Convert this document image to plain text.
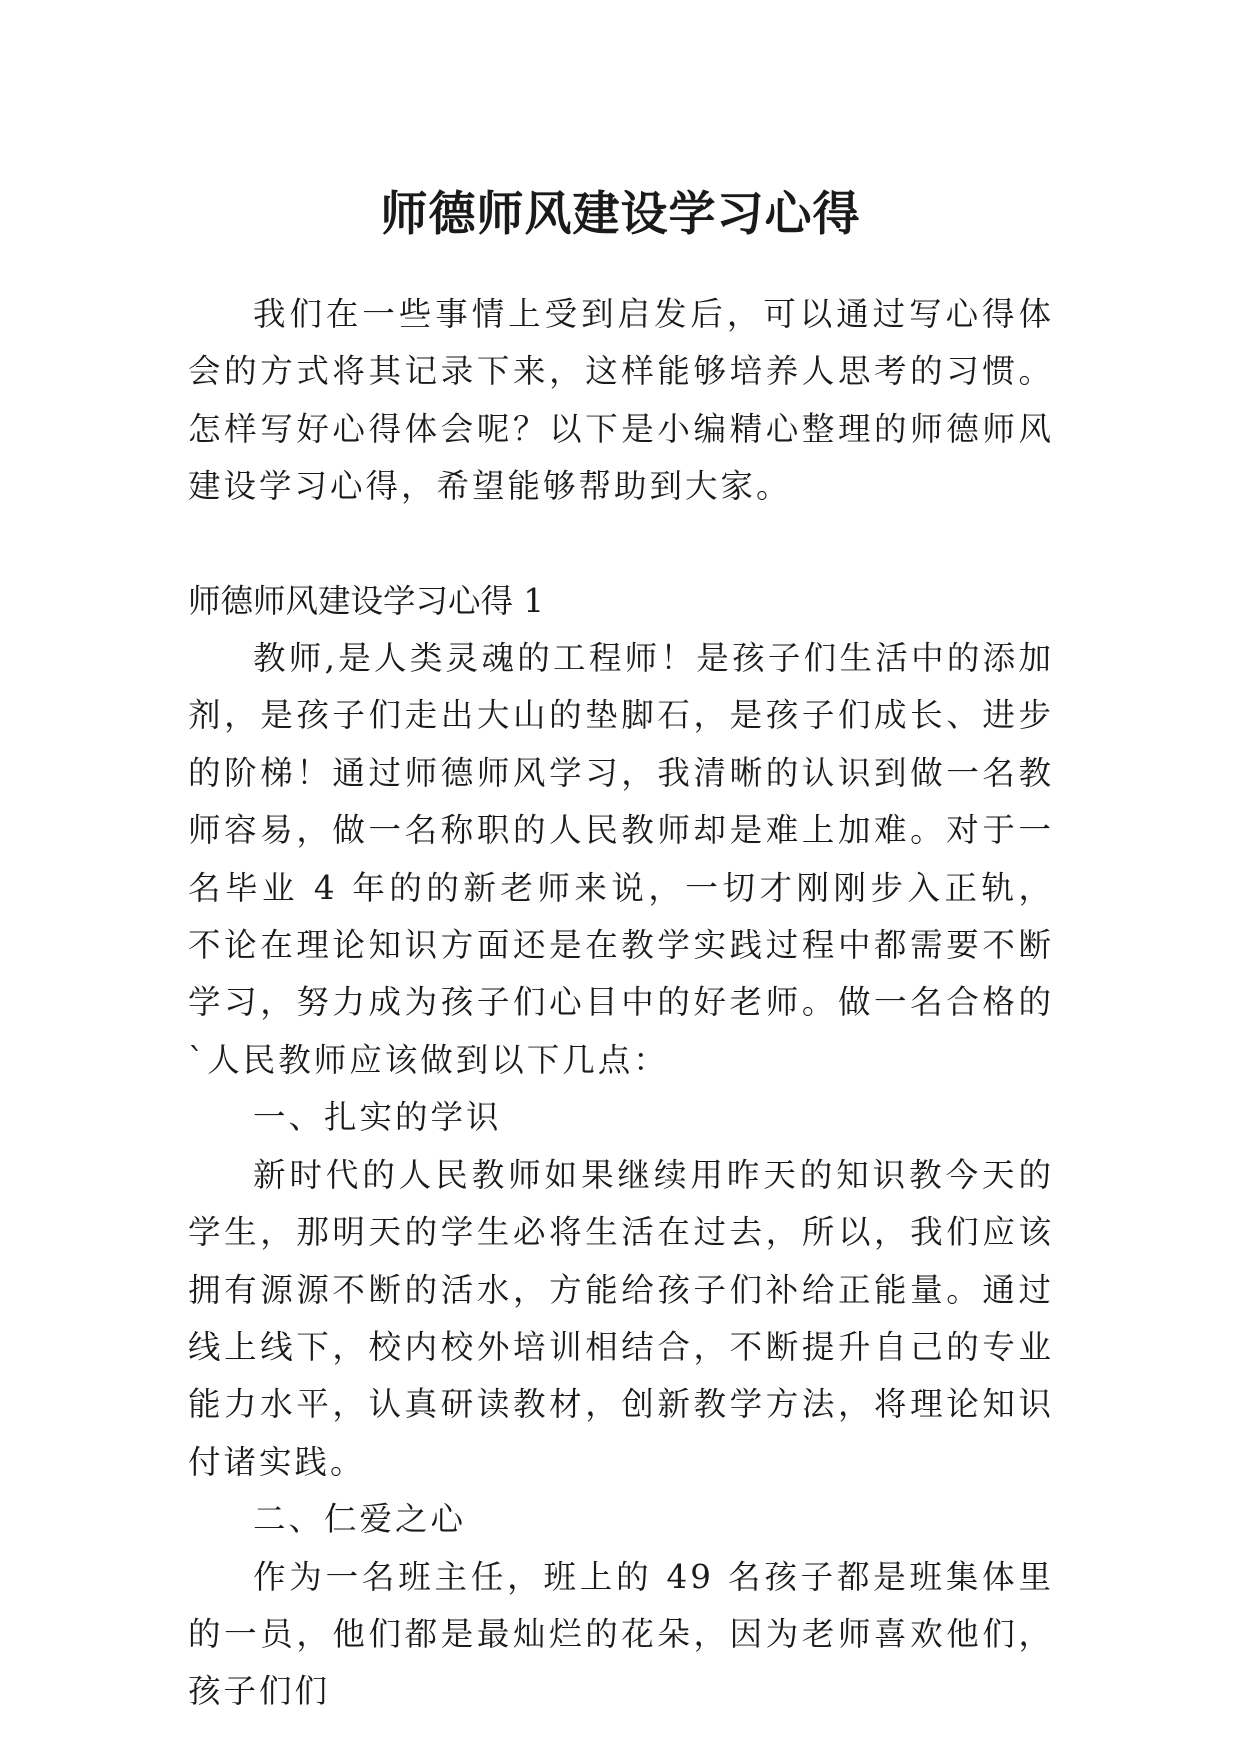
师德师风建设学习心得

我们在一些事情上受到启发后，可以通过写心得体会的方式将其记录下来，这样能够培养人思考的习惯。怎样写好心得体会呢？以下是小编精心整理的师德师风建设学习心得，希望能够帮助到大家。

师德师风建设学习心得 1

教师,是人类灵魂的工程师！是孩子们生活中的添加剂，是孩子们走出大山的垫脚石，是孩子们成长、进步的阶梯！通过师德师风学习，我清晰的认识到做一名教师容易，做一名称职的人民教师却是难上加难。对于一名毕业 4 年的的新老师来说，一切才刚刚步入正轨，不论在理论知识方面还是在教学实践过程中都需要不断学习，努力成为孩子们心目中的好老师。做一名合格的`人民教师应该做到以下几点：

一、扎实的学识

新时代的人民教师如果继续用昨天的知识教今天的学生，那明天的学生必将生活在过去，所以，我们应该拥有源源不断的活水，方能给孩子们补给正能量。通过线上线下，校内校外培训相结合，不断提升自己的专业能力水平，认真研读教材，创新教学方法，将理论知识付诸实践。

二、仁爱之心

作为一名班主任，班上的 49 名孩子都是班集体里的一员，他们都是最灿烂的花朵，因为老师喜欢他们，孩子们们
